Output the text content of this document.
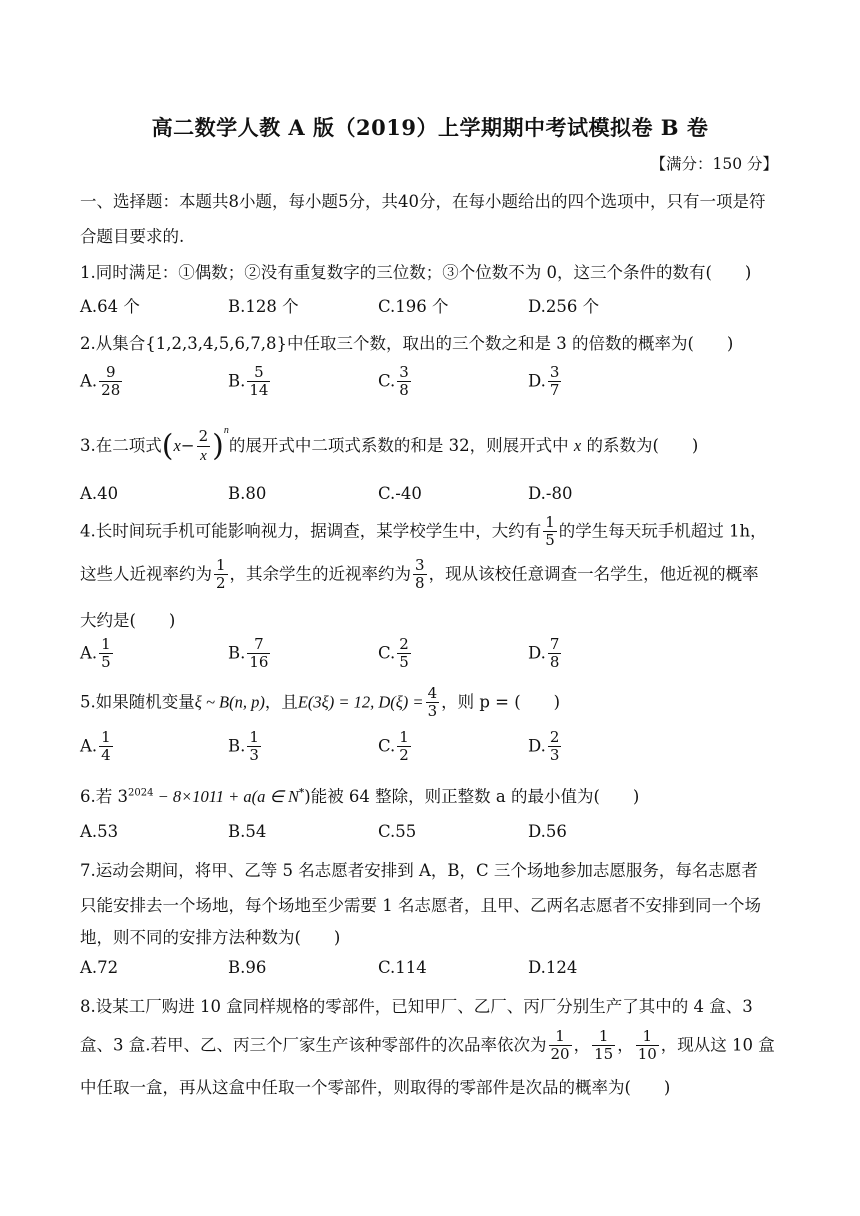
高二数学人教 A 版（2019）上学期期中考试模拟卷 B 卷
【满分：150 分】
一、选择题：本题共8小题，每小题5分，共40分，在每小题给出的四个选项中，只有一项是符
合题目要求的.
1.同时满足：①偶数；②没有重复数字的三位数；③个位数不为 0，这三个条件的数有(　　)
A.64 个	B.128 个	C.196 个	D.256 个
2.从集合{1,2,3,4,5,6,7,8}中任取三个数，取出的三个数之和是 3 的倍数的概率为(　　)
A. $\frac{9}{28}$	B. $\frac{5}{14}$	C. $\frac{3}{8}$	D. $\frac{3}{7}$
3.在二项式$(x- \frac{2}{x})^n$的展开式中二项式系数的和是 32，则展开式中 x 的系数为(　　)
A.40	B.80	C.-40	D.-80
4.长时间玩手机可能影响视力，据调查，某学校学生中，大约有 $\frac{1}{5}$ 的学生每天玩手机超过 1h，
这些人近视率约为 $\frac{1}{2}$ ，其余学生的近视率约为 $\frac{3}{8}$ ，现从该校任意调查一名学生，他近视的概率
大约是(　　)
A. $\frac{1}{5}$	B. $\frac{7}{16}$	C. $\frac{2}{5}$	D. $\frac{7}{8}$
5.如果随机变量ξ ~ B(n, p)，且E(3ξ) = 12, $D(\xi) = \frac{4}{3}$ ，则 p = (　　)
A. $\frac{1}{4}$	B. $\frac{1}{3}$	C. $\frac{1}{2}$	D. $\frac{2}{3}$
6.若 $3^{2024} - 8\times 1011 + a(a$ ∈ N*)能被 64 整除，则正整数 a 的最小值为(　　)
A.53	B.54	C.55	D.56
7.运动会期间，将甲、乙等 5 名志愿者安排到 A，B，C 三个场地参加志愿服务，每名志愿者
只能安排去一个场地，每个场地至少需要 1 名志愿者，且甲、乙两名志愿者不安排到同一个场
地，则不同的安排方法种数为(　　)
A.72	B.96	C.114	D.124
8.设某工厂购进 10 盒同样规格的零部件，已知甲厂、乙厂、丙厂分别生产了其中的 4 盒、3
盒、3 盒.若甲、乙、丙三个厂家生产该种零部件的次品率依次为 $\frac{1}{20}$ ， $\frac{1}{15}$ ， $\frac{1}{10}$ ，现从这 10 盒
中任取一盒，再从这盒中任取一个零部件，则取得的零部件是次品的概率为(　　)
